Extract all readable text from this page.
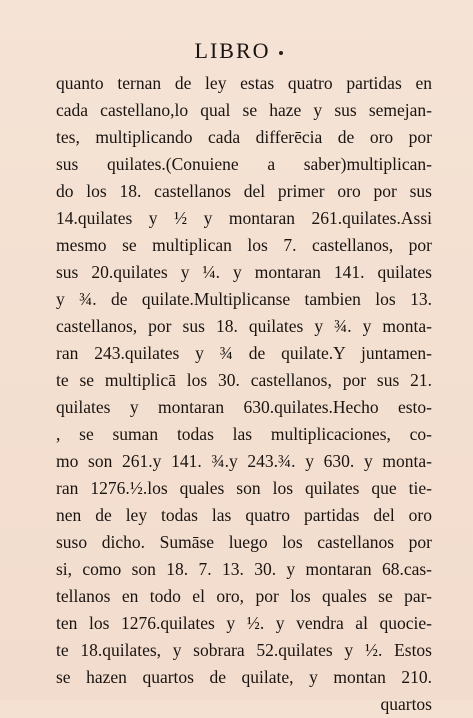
LIBRO
quanto ternan de ley estas quatro partidas en
cada castellano,lo qual se haze y sus semejan-
tes, multiplicando cada differēcia de oro por
sus quilates.(Conuiene a saber)multiplican-
do los 18. castellanos del primer oro por sus
14.quilates y ½ y montaran 261.quilates.Assi
mesmo se multiplican los 7. castellanos, por
sus 20.quilates y ¼. y montaran 141. quilates
y ¾. de quilate.Multiplicanse tambien los 13.
castellanos, por sus 18. quilates y ¾. y monta-
ran 243.quilates y ¾ de quilate.Y juntamen-
te se multiplicā los 30. castellanos, por sus 21.
quilates y montaran 630.quilates.Hecho esto-
, se suman todas las multiplicaciones, co-
mo son 261.y 141. ¾.y 243.¾. y 630. y monta-
ran 1276.½.los quales son los quilates que tie-
nen de ley todas las quatro partidas del oro
suso dicho. Sumāse luego los castellanos por
si, como son 18. 7. 13. 30. y montaran 68.cas-
tellanos en todo el oro, por los quales se par-
ten los 1276.quilates y ½. y vendra al quocie-
te 18.quilates, y sobrara 52.quilates y ½. Estos
se hazen quartos de quilate, y montan 210.
quartos
